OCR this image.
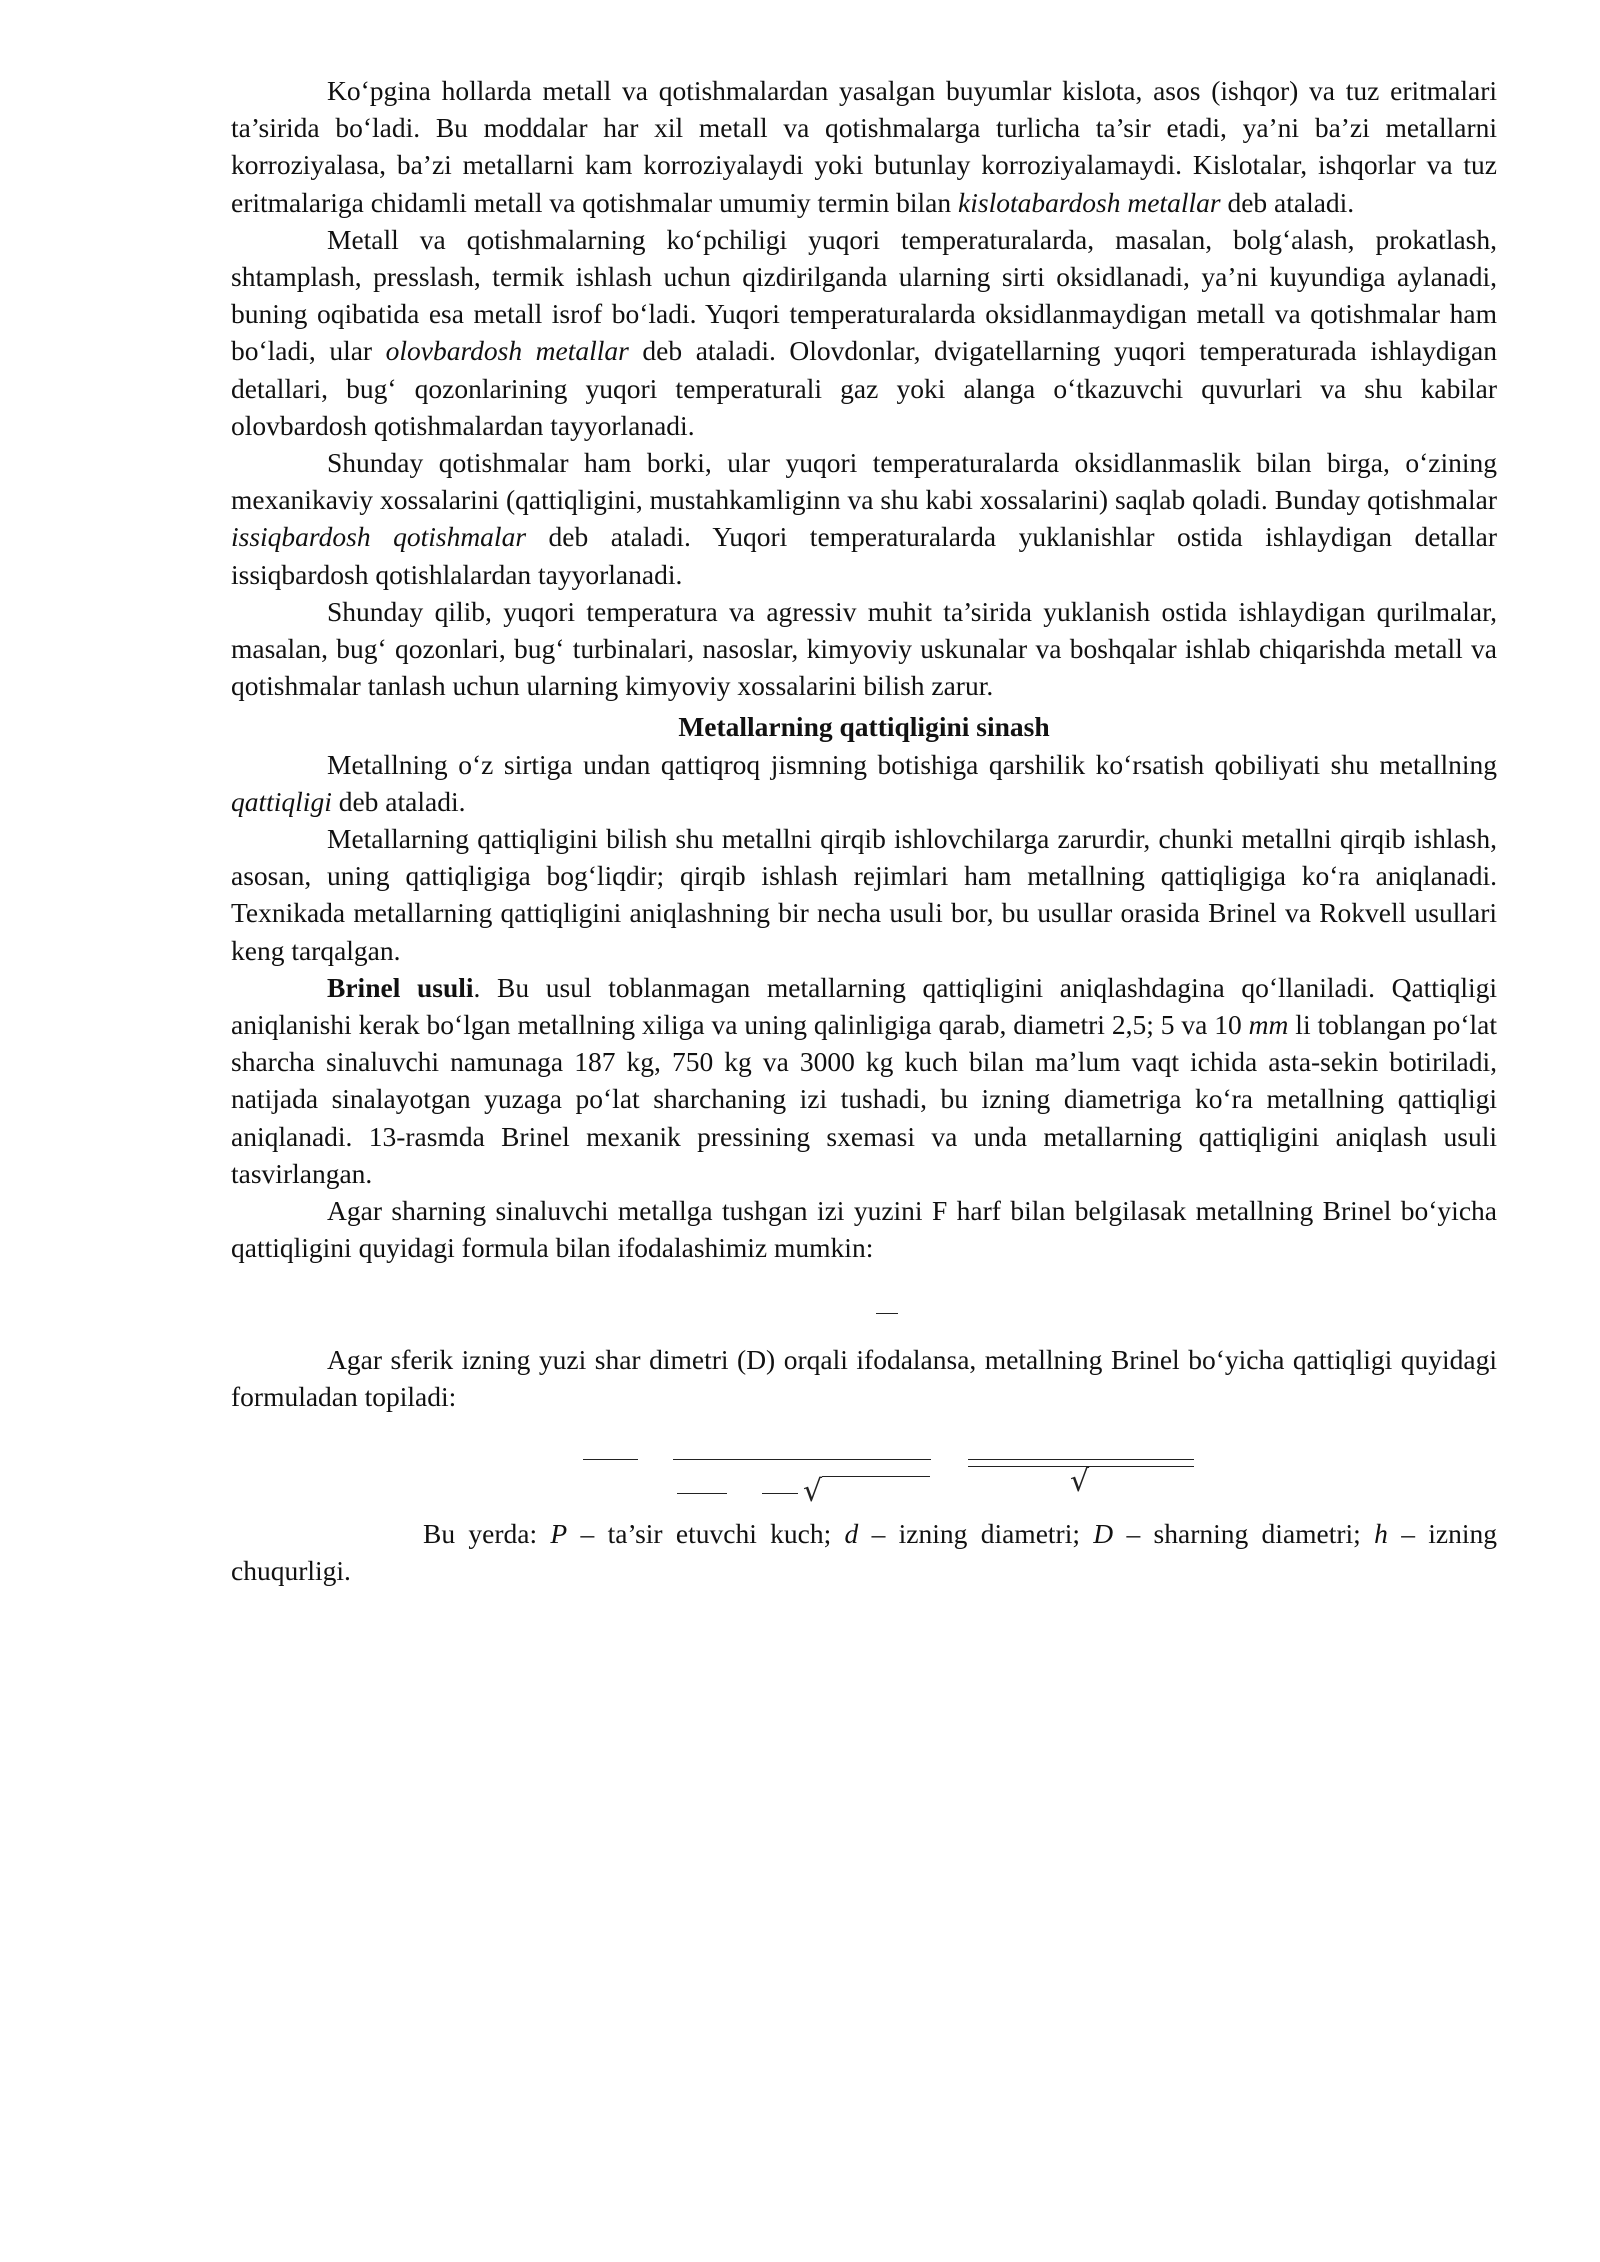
Ko‘pgina hollarda metall va qotishmalardan yasalgan buyumlar kislota, asos (ishqor) va tuz eritmalari ta’sirida bo‘ladi. Bu moddalar har xil metall va qotishmalarga turlicha ta’sir etadi, ya’ni ba’zi metallarni korroziyalasa, ba’zi metallarni kam korroziyalaydi yoki butunlay korroziyalamaydi. Kislotalar, ishqorlar va tuz eritmalariga chidamli metall va qotishmalar umumiy termin bilan kislotabardosh metallar deb ataladi.

Metall va qotishmalarning ko‘pchiligi yuqori temperaturalarda, masalan, bolg‘alash, prokatlash, shtamplash, presslash, termik ishlash uchun qizdirilganda ularning sirti oksidlanadi, ya’ni kuyundiga aylanadi, buning oqibatida esa metall isrof bo‘ladi. Yuqori temperaturalarda oksidlanmaydigan metall va qotishmalar ham bo‘ladi, ular olovbardosh metallar deb ataladi. Olovdonlar, dvigatellarning yuqori temperaturada ishlaydigan detallari, bug‘ qozonlarining yuqori temperaturali gaz yoki alanga o‘tkazuvchi quvurlari va shu kabilar olovbardosh qotishmalardan tayyorlanadi.

Shunday qotishmalar ham borki, ular yuqori temperaturalarda oksidlanmaslik bilan birga, o‘zining mexanikaviy xossalarini (qattiqligini, mustahkamliginn va shu kabi xossalarini) saqlab qoladi. Bunday qotishmalar issiqbardosh qotishmalar deb ataladi. Yuqori temperaturalarda yuklanishlar ostida ishlaydigan detallar issiqbardosh qotishlalardan tayyorlanadi.

Shunday qilib, yuqori temperatura va agressiv muhit ta’sirida yuklanish ostida ishlaydigan qurilmalar, masalan, bug‘ qozonlari, bug‘ turbinalari, nasoslar, kimyoviy uskunalar va boshqalar ishlab chiqarishda metall va qotishmalar tanlash uchun ularning kimyoviy xossalarini bilish zarur.

Metallarning qattiqligini sinash

Metallning o‘z sirtiga undan qattiqroq jismning botishiga qarshilik ko‘rsatish qobiliyati shu metallning qattiqligi deb ataladi.

Metallarning qattiqligini bilish shu metallni qirqib ishlovchilarga zarurdir, chunki metallni qirqib ishlash, asosan, uning qattiqligiga bog‘liqdir; qirqib ishlash rejimlari ham metallning qattiqligiga ko‘ra aniqlanadi. Texnikada metallarning qattiqligini aniqlashning bir necha usuli bor, bu usullar orasida Brinel va Rokvell usullari keng tarqalgan.

Brinel usuli. Bu usul toblanmagan metallarning qattiqligini aniqlashdagina qo‘llaniladi. Qattiqligi aniqlanishi kerak bo‘lgan metallning xiliga va uning qalinligiga qarab, diametri 2,5; 5 va 10 mm li toblangan po‘lat sharcha sinaluvchi namunaga 187 kg, 750 kg va 3000 kg kuch bilan ma’lum vaqt ichida asta-sekin botiriladi, natijada sinalayotgan yuzaga po‘lat sharchaning izi tushadi, bu izning diametriga ko‘ra metallning qattiqligi aniqlanadi. 13-rasmda Brinel mexanik pressining sxemasi va unda metallarning qattiqligini aniqlash usuli tasvirlangan.

Agar sharning sinaluvchi metallga tushgan izi yuzini F harf bilan belgilasak metallning Brinel bo‘yicha qattiqligini quyidagi formula bilan ifodalashimiz mumkin:

Agar sferik izning yuzi shar dimetri (D) orqali ifodalansa, metallning Brinel bo‘yicha qattiqligi quyidagi formuladan topiladi:

√	√

Bu yerda: P – ta’sir etuvchi kuch; d – izning diametri; D – sharning diametri; h – izning chuqurligi.
